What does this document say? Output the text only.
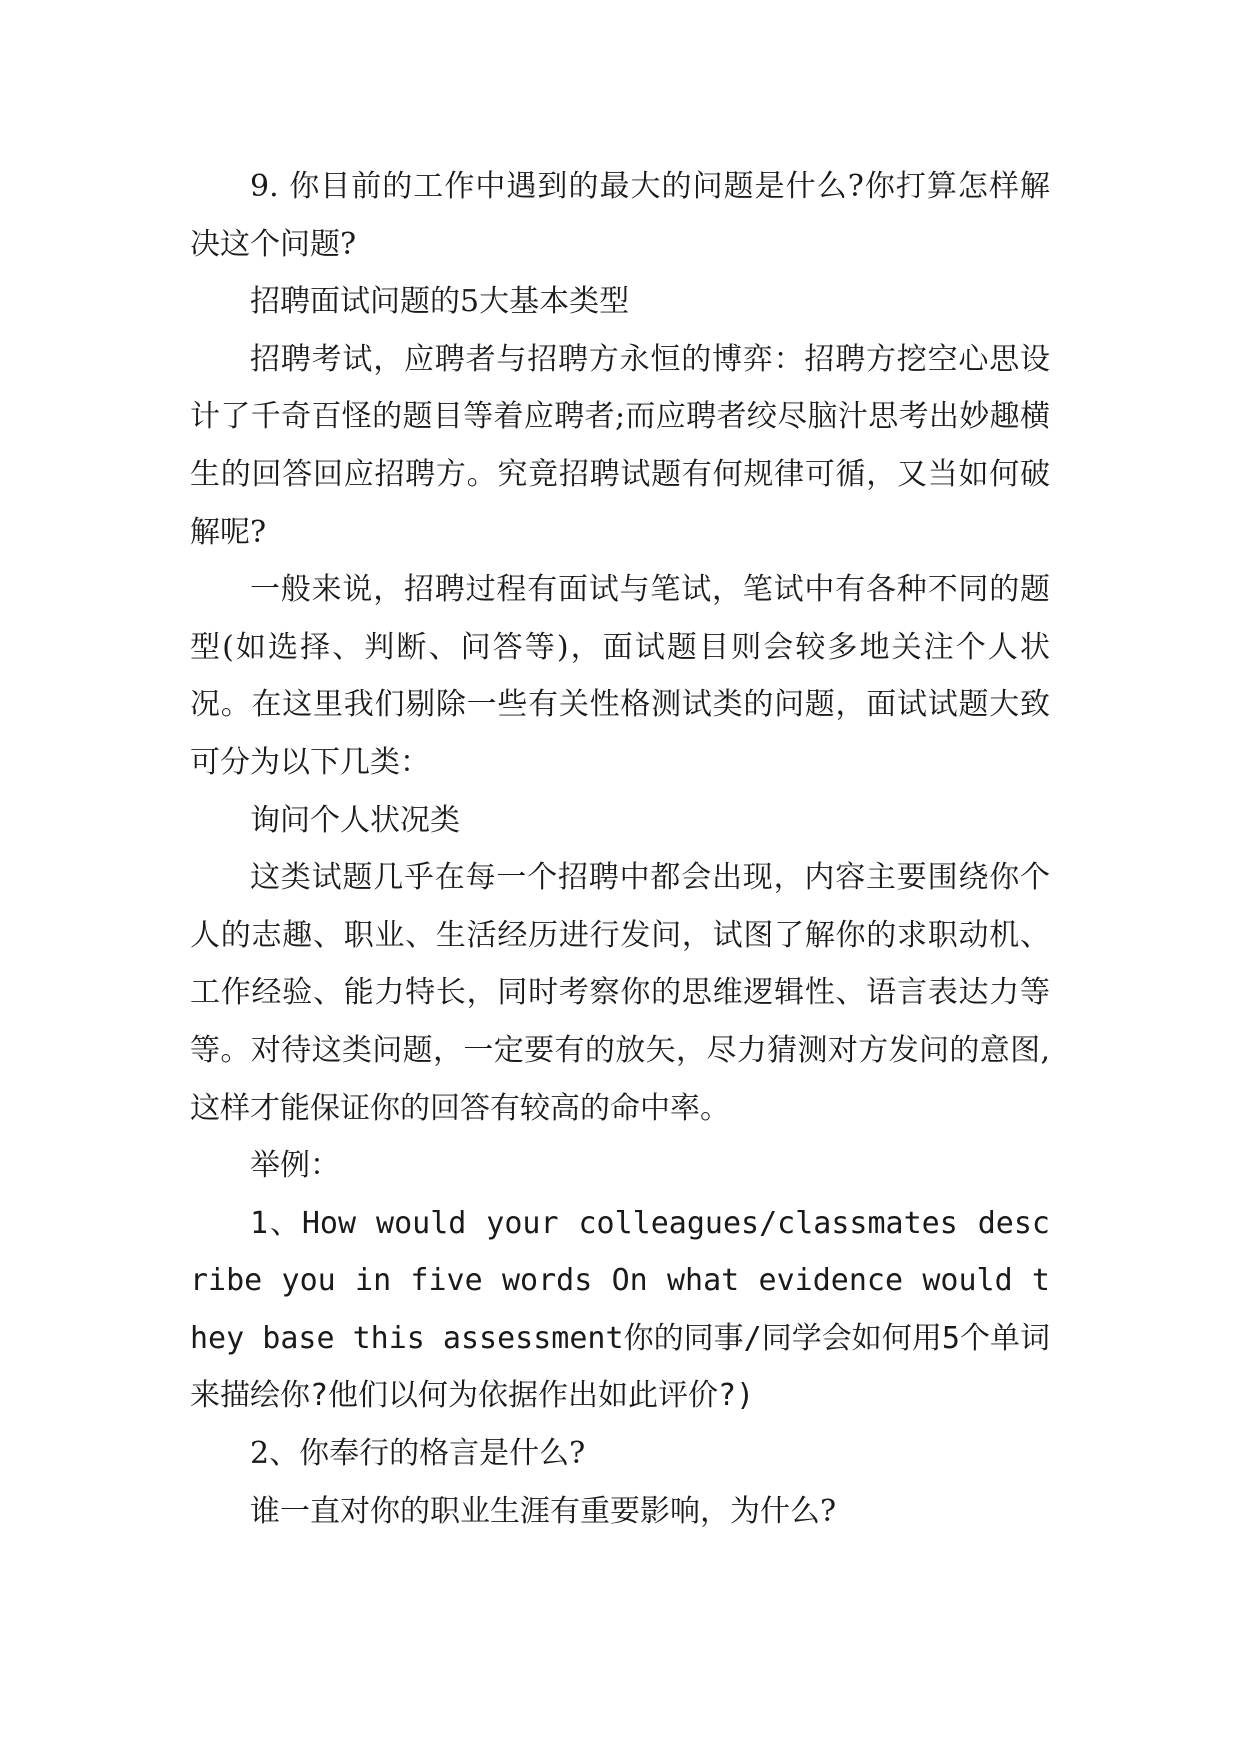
9. 你目前的工作中遇到的最大的问题是什么?你打算怎样解决这个问题?

招聘面试问题的5大基本类型

招聘考试，应聘者与招聘方永恒的博弈：招聘方挖空心思设计了千奇百怪的题目等着应聘者;而应聘者绞尽脑汁思考出妙趣横生的回答回应招聘方。究竟招聘试题有何规律可循，又当如何破解呢?

一般来说，招聘过程有面试与笔试，笔试中有各种不同的题型(如选择、判断、问答等)，面试题目则会较多地关注个人状况。在这里我们剔除一些有关性格测试类的问题，面试试题大致可分为以下几类：

询问个人状况类

这类试题几乎在每一个招聘中都会出现，内容主要围绕你个人的志趣、职业、生活经历进行发问，试图了解你的求职动机、工作经验、能力特长，同时考察你的思维逻辑性、语言表达力等等。对待这类问题，一定要有的放矢，尽力猜测对方发问的意图,这样才能保证你的回答有较高的命中率。

举例：

1、How would your colleagues/classmates describe you in five words On what evidence would they base this assessment你的同事/同学会如何用5个单词来描绘你?他们以何为依据作出如此评价?)

2、你奉行的格言是什么?

谁一直对你的职业生涯有重要影响，为什么?
